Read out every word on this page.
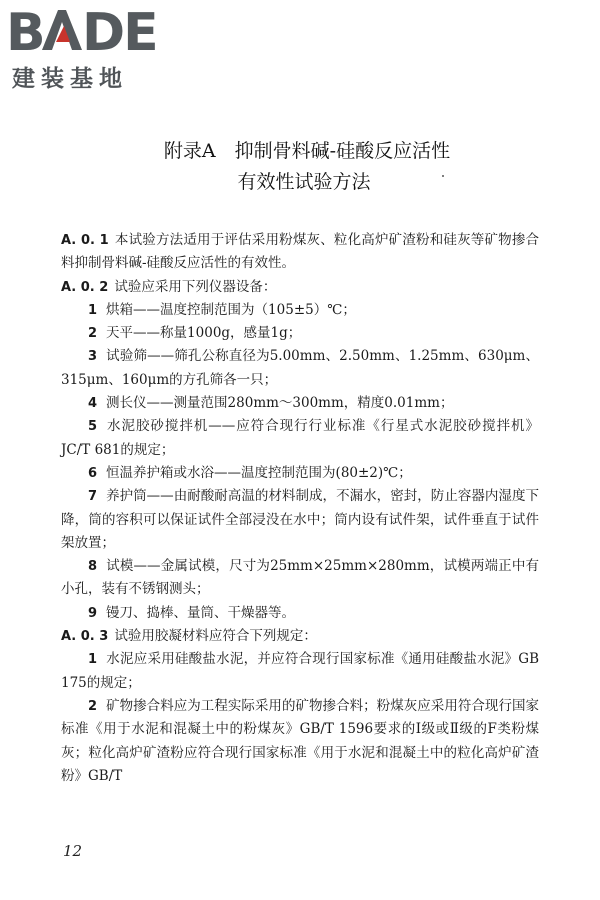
B DE
建装基地
附录A　抑制骨料碱-硅酸反应活性
有效性试验方法

A. 0. 1 本试验方法适用于评估采用粉煤灰、粒化高炉矿渣粉和硅灰等矿物掺合料抑制骨料碱-硅酸反应活性的有效性。

A. 0. 2 试验应采用下列仪器设备：

1 烘箱——温度控制范围为（105±5）℃；

2 天平——称量1000g，感量1g；

3 试验筛——筛孔公称直径为5.00mm、2.50mm、1.25mm、630μm、315μm、160μm的方孔筛各一只；

4 测长仪——测量范围280mm～300mm，精度0.01mm；

5 水泥胶砂搅拌机——应符合现行行业标准《行星式水泥胶砂搅拌机》JC/T 681的规定；

6 恒温养护箱或水浴——温度控制范围为(80±2)℃；

7 养护筒——由耐酸耐高温的材料制成，不漏水，密封，防止容器内湿度下降，筒的容积可以保证试件全部浸没在水中；筒内设有试件架，试件垂直于试件架放置；

8 试模——金属试模，尺寸为25mm×25mm×280mm，试模两端正中有小孔，装有不锈钢测头；

9 镘刀、捣棒、量筒、干燥器等。

A. 0. 3 试验用胶凝材料应符合下列规定：

1 水泥应采用硅酸盐水泥，并应符合现行国家标准《通用硅酸盐水泥》GB 175的规定；

2 矿物掺合料应为工程实际采用的矿物掺合料；粉煤灰应采用符合现行国家标准《用于水泥和混凝土中的粉煤灰》GB/T 1596要求的Ⅰ级或Ⅱ级的F类粉煤灰；粒化高炉矿渣粉应符合现行国家标准《用于水泥和混凝土中的粒化高炉矿渣粉》GB/T

12
